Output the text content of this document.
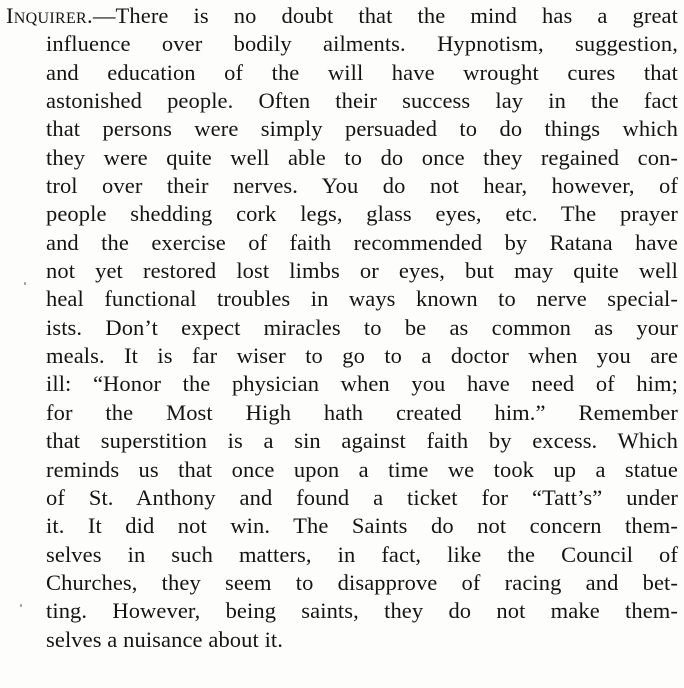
Inquirer.—There is no doubt that the mind has a great
influence over bodily ailments. Hypnotism, suggestion,
and education of the will have wrought cures that
astonished people. Often their success lay in the fact
that persons were simply persuaded to do things which
they were quite well able to do once they regained con-
trol over their nerves. You do not hear, however, of
people shedding cork legs, glass eyes, etc. The prayer
and the exercise of faith recommended by Ratana have
not yet restored lost limbs or eyes, but may quite well
heal functional troubles in ways known to nerve special-
ists. Don’t expect miracles to be as common as your
meals. It is far wiser to go to a doctor when you are
ill: “Honor the physician when you have need of him;
for the Most High hath created him.” Remember
that superstition is a sin against faith by excess. Which
reminds us that once upon a time we took up a statue
of St. Anthony and found a ticket for “Tatt’s” under
it. It did not win. The Saints do not concern them-
selves in such matters, in fact, like the Council of
Churches, they seem to disapprove of racing and bet-
ting. However, being saints, they do not make them-
selves a nuisance about it.
